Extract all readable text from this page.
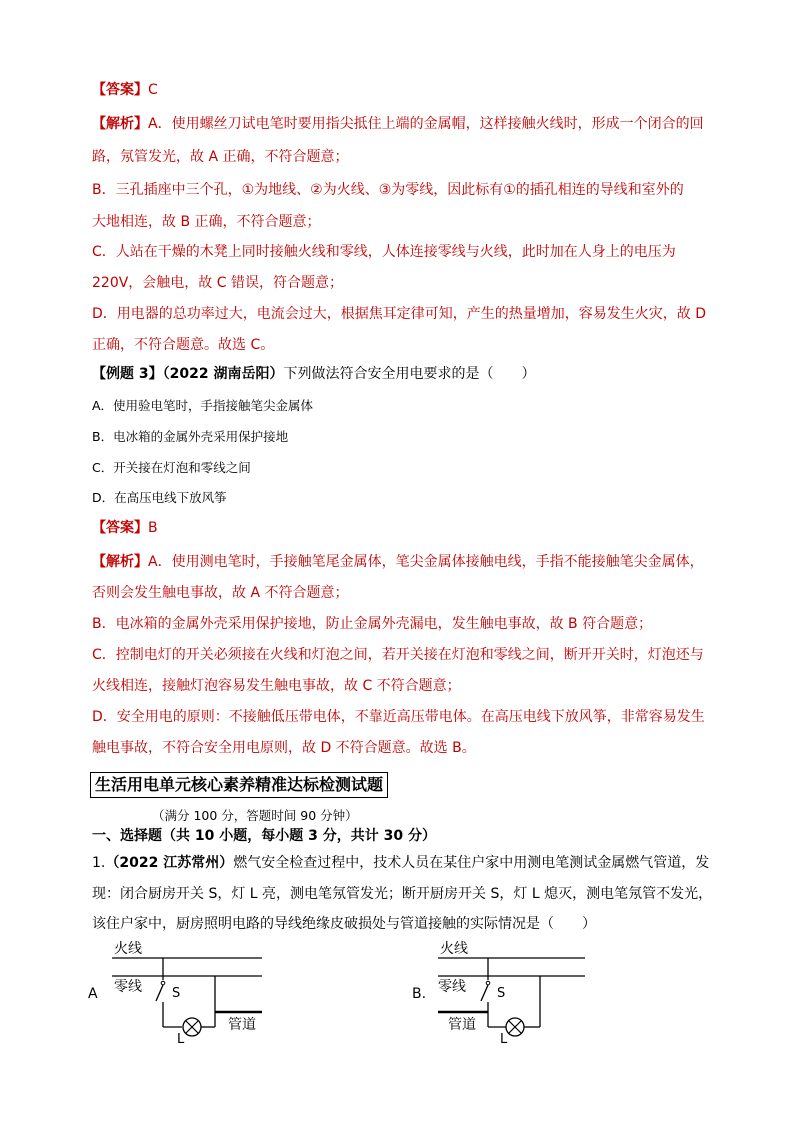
【答案】C
【解析】A．使用螺丝刀试电笔时要用指尖抵住上端的金属帽，这样接触火线时，形成一个闭合的回
路，氖管发光，故 A 正确，不符合题意；
B．三孔插座中三个孔，①为地线、②为火线、③为零线，因此标有①的插孔相连的导线和室外的
大地相连，故 B 正确，不符合题意；
C．人站在干燥的木凳上同时接触火线和零线，人体连接零线与火线，此时加在人身上的电压为
220V，会触电，故 C 错误，符合题意；
D．用电器的总功率过大，电流会过大，根据焦耳定律可知，产生的热量增加，容易发生火灾，故 D
正确，不符合题意。故选 C。
【例题 3】（2022 湖南岳阳）下列做法符合安全用电要求的是（　　）
A．使用验电笔时，手指接触笔尖金属体
B．电冰箱的金属外壳采用保护接地
C．开关接在灯泡和零线之间
D．在高压电线下放风筝
【答案】B
【解析】A．使用测电笔时，手接触笔尾金属体，笔尖金属体接触电线，手指不能接触笔尖金属体，
否则会发生触电事故，故 A 不符合题意；
B．电冰箱的金属外壳采用保护接地，防止金属外壳漏电，发生触电事故，故 B 符合题意；
C．控制电灯的开关必须接在火线和灯泡之间，若开关接在灯泡和零线之间，断开开关时，灯泡还与
火线相连，接触灯泡容易发生触电事故，故 C 不符合题意；
D．安全用电的原则：不接触低压带电体，不靠近高压带电体。在高压电线下放风筝，非常容易发生
触电事故，不符合安全用电原则，故 D 不符合题意。故选 B。
生活用电单元核心素养精准达标检测试题
（满分 100 分，答题时间 90 分钟）
一、选择题（共 10 小题，每小题 3 分，共计 30 分）
1.（2022 江苏常州）燃气安全检查过程中，技术人员在某住户家中用测电笔测试金属燃气管道，发
现：闭合厨房开关 S，灯 L 亮，测电笔氖管发光；断开厨房开关 S，灯 L 熄灭，测电笔氖管不发光，
该住户家中，厨房照明电路的导线绝缘皮破损处与管道接触的实际情况是（　　）
火线
零线
A	S
L
管道
火线
零线
B.	S
管道
L
